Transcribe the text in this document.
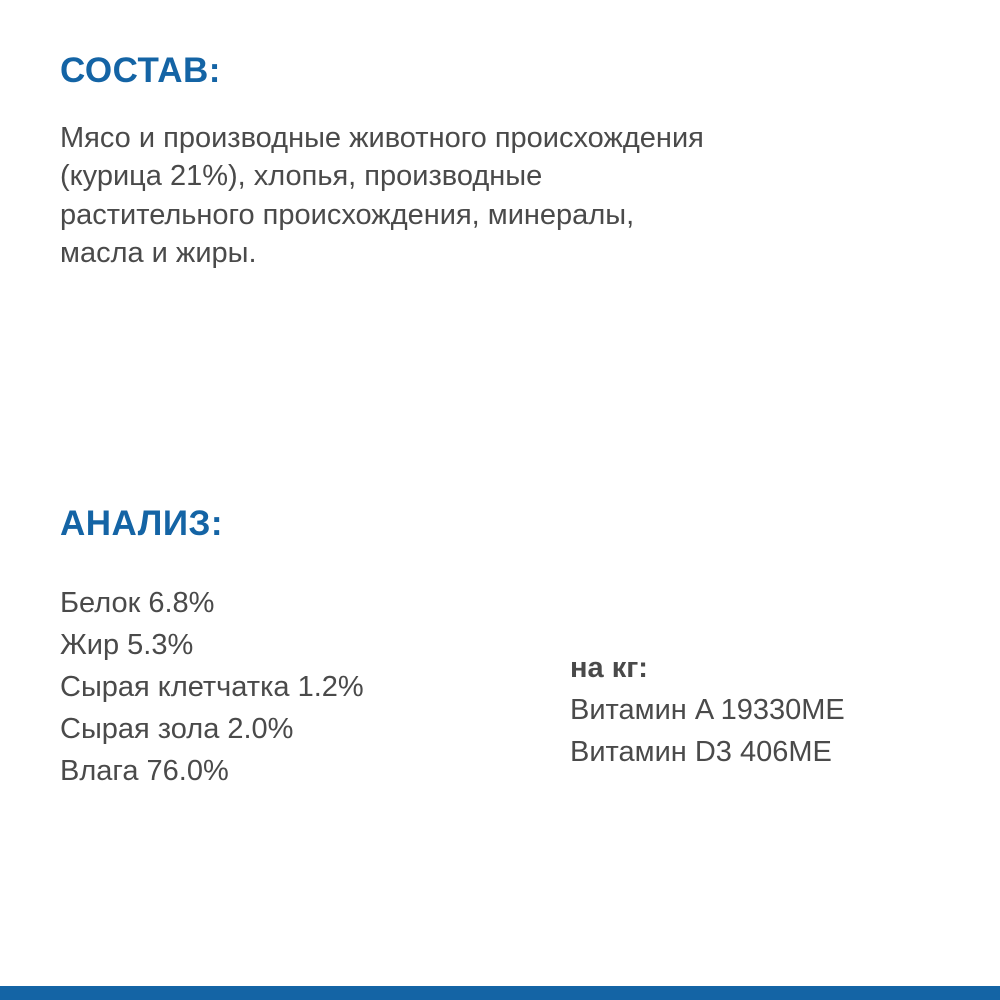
СОСТАВ:

Мясо и производные животного происхождения (курица 21%), хлопья, производные растительного происхождения, минералы, масла и жиры.

АНАЛИЗ:
Белок 6.8%
Жир 5.3%
Сырая клетчатка 1.2%
Сырая зола 2.0%
Влага 76.0%
на кг:
Витамин A 19330МЕ
Витамин D3 406МЕ
